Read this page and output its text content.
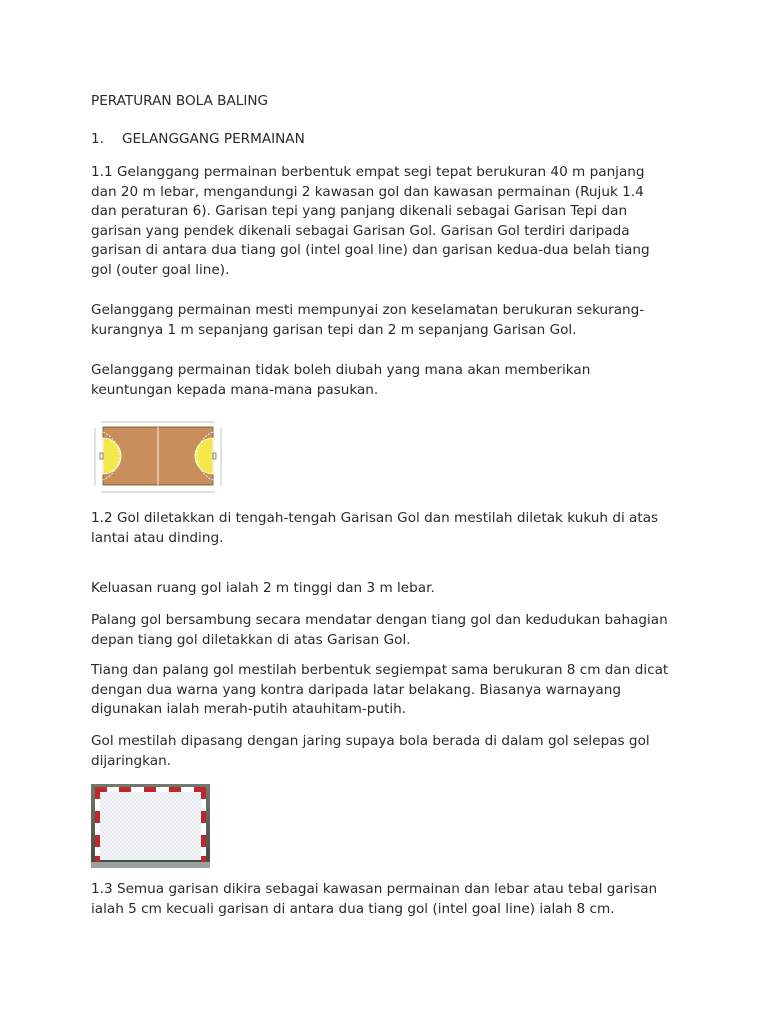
PERATURAN BOLA BALING

1.	GELANGGANG PERMAINAN

1.1 Gelanggang permainan berbentuk empat segi tepat berukuran 40 m panjang

dan 20 m lebar, mengandungi 2 kawasan gol dan kawasan permainan (Rujuk 1.4

dan peraturan 6). Garisan tepi yang panjang dikenali sebagai Garisan Tepi dan

garisan yang pendek dikenali sebagai Garisan Gol. Garisan Gol terdiri daripada

garisan di antara dua tiang gol (intel goal line) dan garisan kedua-dua belah tiang

gol (outer goal line).

Gelanggang permainan mesti mempunyai zon keselamatan berukuran sekurang-

kurangnya 1 m sepanjang garisan tepi dan 2 m sepanjang Garisan Gol.

Gelanggang permainan tidak boleh diubah yang mana akan memberikan

keuntungan kepada mana-mana pasukan.

1.2 Gol diletakkan di tengah-tengah Garisan Gol dan mestilah diletak kukuh di atas
lantai atau dinding.
Keluasan ruang gol ialah 2 m tinggi dan 3 m lebar.
Palang gol bersambung secara mendatar dengan tiang gol dan kedudukan bahagian
depan tiang gol diletakkan di atas Garisan Gol.
Tiang dan palang gol mestilah berbentuk segiempat sama berukuran 8 cm dan dicat
dengan dua warna yang kontra daripada latar belakang. Biasanya warnayang
digunakan ialah merah-putih atauhitam-putih.
Gol mestilah dipasang dengan jaring supaya bola berada di dalam gol selepas gol
dijaringkan.
1.3 Semua garisan dikira sebagai kawasan permainan dan lebar atau tebal garisan
ialah 5 cm kecuali garisan di antara dua tiang gol (intel goal line) ialah 8 cm.
